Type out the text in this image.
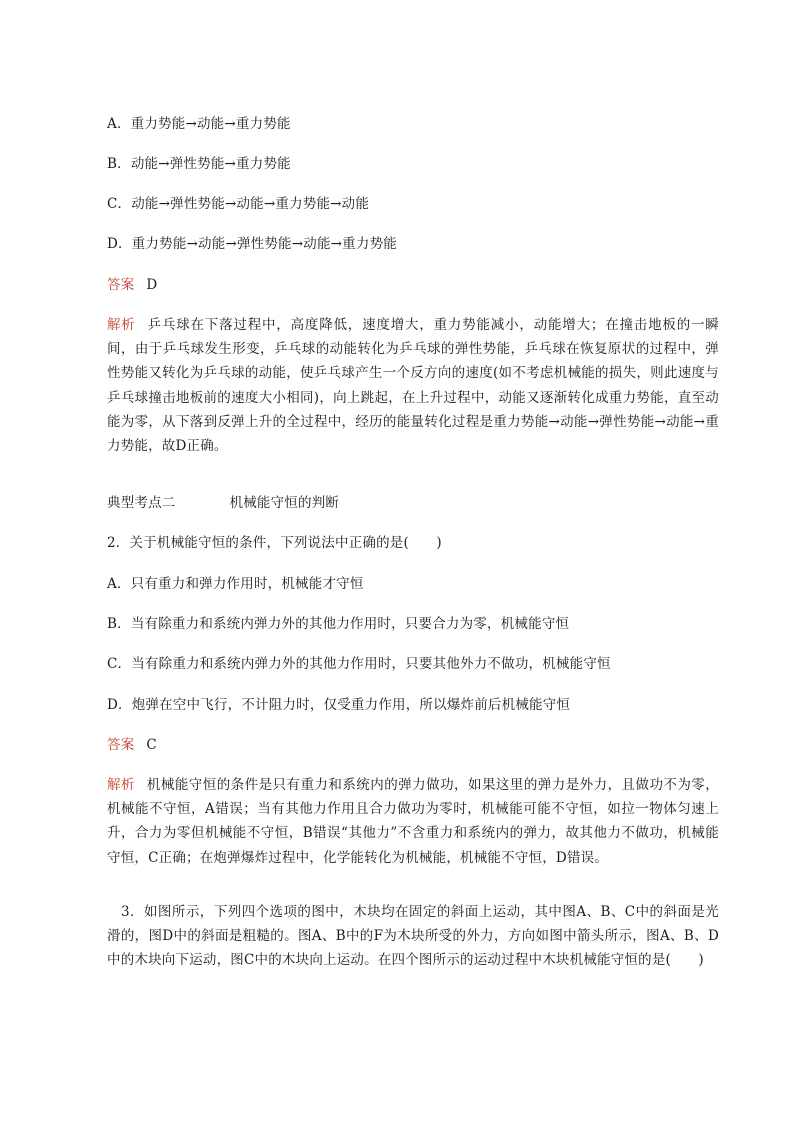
A．重力势能→动能→重力势能
B．动能→弹性势能→重力势能
C．动能→弹性势能→动能→重力势能→动能
D．重力势能→动能→弹性势能→动能→重力势能
答案 D
解析 乒乓球在下落过程中，高度降低，速度增大，重力势能减小，动能增大；在撞击地板的一瞬间，由于乒乓球发生形变，乒乓球的动能转化为乒乓球的弹性势能，乒乓球在恢复原状的过程中，弹性势能又转化为乒乓球的动能，使乒乓球产生一个反方向的速度(如不考虑机械能的损失，则此速度与乒乓球撞击地板前的速度大小相同)，向上跳起，在上升过程中，动能又逐渐转化成重力势能，直至动能为零，从下落到反弹上升的全过程中，经历的能量转化过程是重力势能→动能→弹性势能→动能→重力势能，故D正确。
典型考点二	机械能守恒的判断
2．关于机械能守恒的条件，下列说法中正确的是(　　)
A．只有重力和弹力作用时，机械能才守恒
B．当有除重力和系统内弹力外的其他力作用时，只要合力为零，机械能守恒
C．当有除重力和系统内弹力外的其他力作用时，只要其他外力不做功，机械能守恒
D．炮弹在空中飞行，不计阻力时，仅受重力作用，所以爆炸前后机械能守恒
答案 C
解析 机械能守恒的条件是只有重力和系统内的弹力做功，如果这里的弹力是外力，且做功不为零，机械能不守恒，A错误；当有其他力作用且合力做功为零时，机械能可能不守恒，如拉一物体匀速上升，合力为零但机械能不守恒，B错误“其他力”不含重力和系统内的弹力，故其他力不做功，机械能守恒，C正确；在炮弹爆炸过程中，化学能转化为机械能，机械能不守恒，D错误。
3．如图所示，下列四个选项的图中，木块均在固定的斜面上运动，其中图A、B、C中的斜面是光滑的，图D中的斜面是粗糙的。图A、B中的F为木块所受的外力，方向如图中箭头所示，图A、B、D中的木块向下运动，图C中的木块向上运动。在四个图所示的运动过程中木块机械能守恒的是(　　)
